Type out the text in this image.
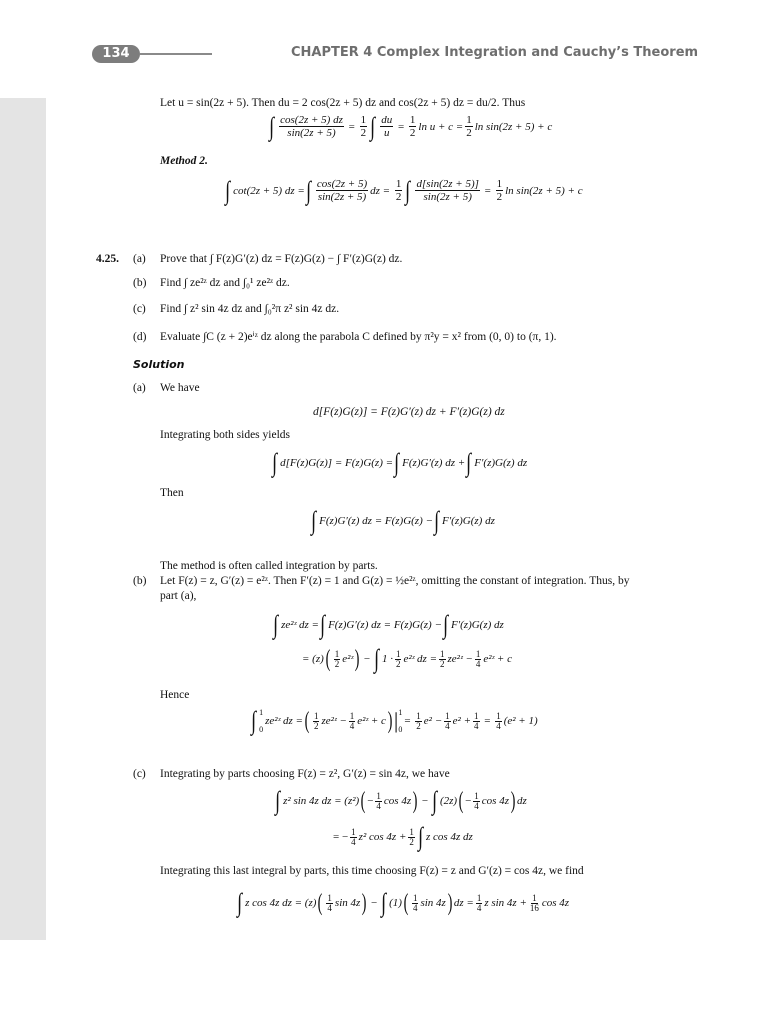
134	CHAPTER 4 Complex Integration and Cauchy’s Theorem
Let u = sin(2z + 5). Then du = 2 cos(2z + 5) dz and cos(2z + 5) dz = du/2. Thus
∫ $\frac{\cos(2z + 5) dz}{\sin(2z + 5)} = \frac{1}{2}$ ∫ $\frac{du}{u} = \frac{1}{2}$ $\ln u + c = \frac{1}{2}$ ln sin(2z + 5) + c
Method 2.
∫ cot(2z + 5) dz = ∫ $\frac{\cos(2z + 5)}{\sin(2z + 5)}$ dz = $\frac{1}{2}$ ∫ $\frac{d[\sin(2z + 5)]}{\sin(2z + 5)} = \frac{1}{2}$ ln sin(2z + 5) + c
4.25. (a) Prove that ∫ F(z)G′(z) dz = F(z)G(z) − ∫ F′(z)G(z) dz.
(b) Find ∫ ze²ᶻ dz and ∫₀¹ ze²ᶻ dz.
(c) Find ∫ z² sin 4z dz and ∫₀²π z² sin 4z dz.
(d) Evaluate ∫C (z + 2)eⁱᶻ dz along the parabola C defined by π²y = x² from (0, 0) to (π, 1).
Solution
(a) We have
d[F(z)G(z)] = F(z)G′(z) dz + F′(z)G(z) dz
Integrating both sides yields
∫ d[F(z)G(z)] = F(z)G(z) = ∫ F(z)G′(z) dz + ∫ F′(z)G(z) dz
Then
∫ F(z)G′(z) dz = F(z)G(z) − ∫ F′(z)G(z) dz
The method is often called integration by parts.
(b) Let F(z) = z, G′(z) = e²ᶻ. Then F′(z) = 1 and G(z) = ½e²ᶻ, omitting the constant of integration. Thus, by
part (a),
∫ ze²ᶻ dz = ∫ F(z)G′(z) dz = F(z)G(z) − ∫ F′(z)G(z) dz
= (z) ( $\frac{1}{2}$ e²ᶻ ) − ∫ $1 \cdot \frac{1}{2}$ e²ᶻ dz = $\frac{1}{2}$ ze²ᶻ − $\frac{1}{4}$ e²ᶻ + c
Hence
∫ 1
0
ze²ᶻ dz = ( $\frac{1}{2}$ ze²ᶻ − $\frac{1}{4}$ e²ᶻ + c ) | 1
0
= $\frac{1}{2} e^2 - \frac{1}{4} e^2 + \frac{1}{4} = \frac{1}{4} (e^2 + 1)$
(c) Integrating by parts choosing F(z) = z², G′(z) = sin 4z, we have
∫ z² sin 4z dz = (z²) ( − $\frac{1}{4}$ cos 4z ) − ∫ (2z) ( − $\frac{1}{4}$ cos 4z ) dz
= − $\frac{1}{4} z^2$ $\cos 4z + \frac{1}{2}$ ∫ z cos 4z dz
Integrating this last integral by parts, this time choosing F(z) = z and G′(z) = cos 4z, we find
∫ z cos 4z dz = (z) ( $\frac{1}{4}$ sin 4z ) − ∫ (1) ( $\frac{1}{4}$ sin 4z ) dz = $\frac{1}{4}$ z $\sin 4z + \frac{1}{16}$ cos 4z
